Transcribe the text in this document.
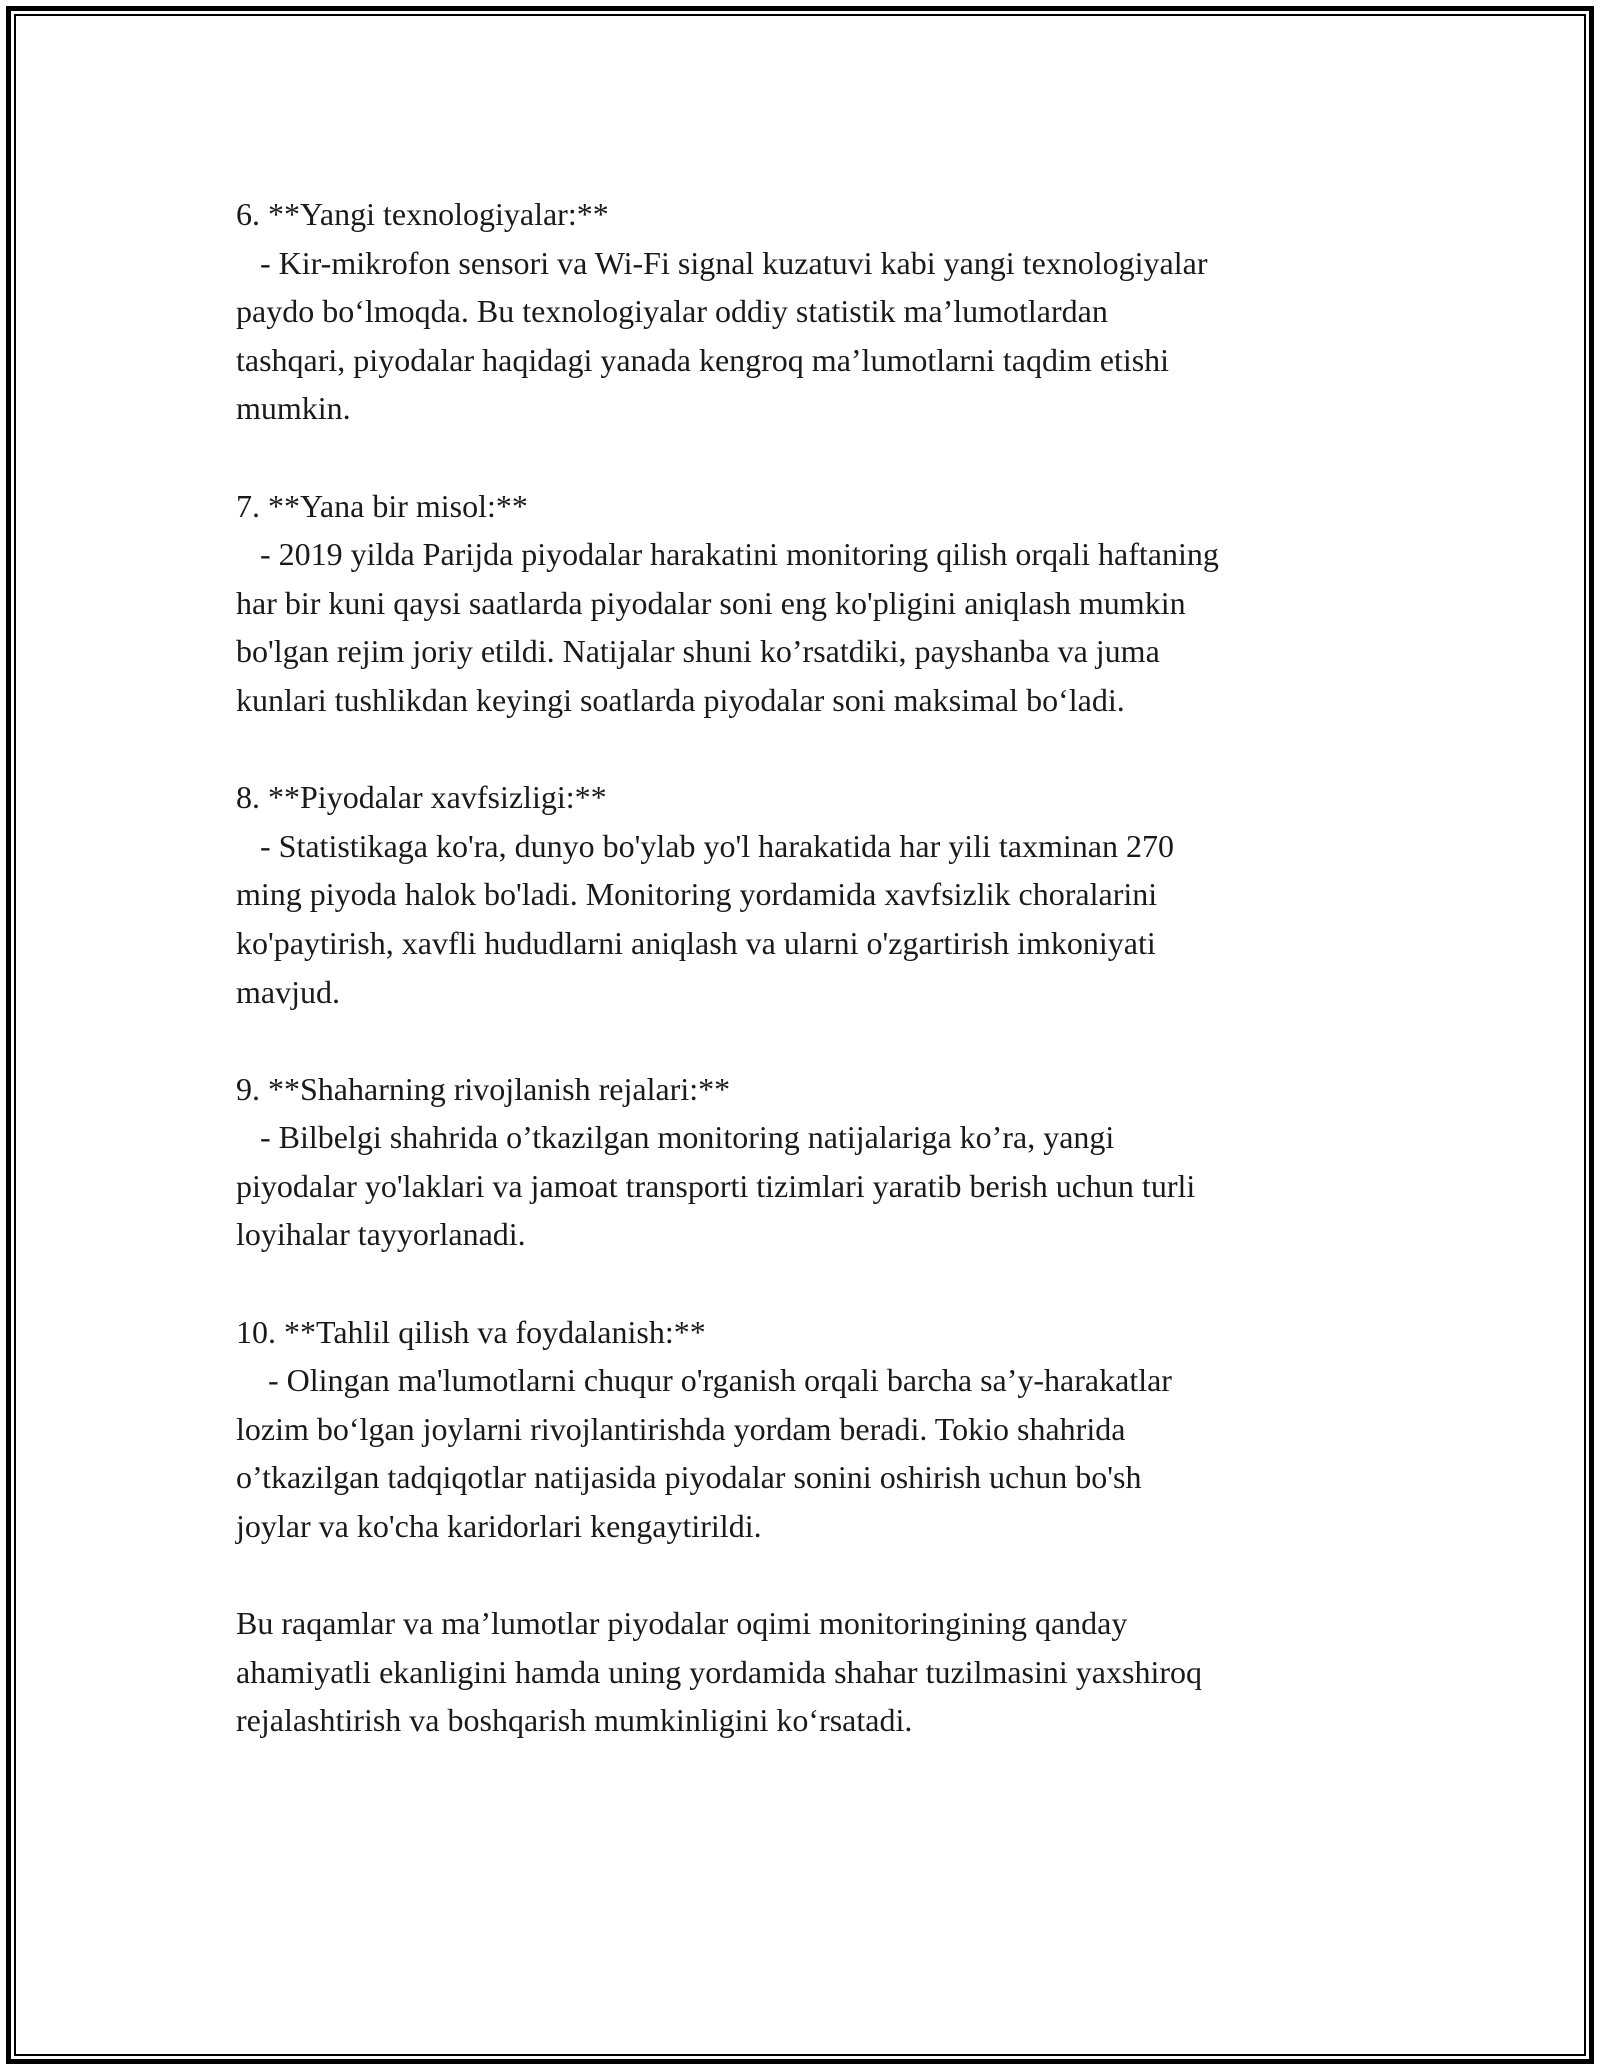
6. **Yangi texnologiyalar:**
- Kir-mikrofon sensori va Wi-Fi signal kuzatuvi kabi yangi texnologiyalar
paydo bo‘lmoqda. Bu texnologiyalar oddiy statistik ma’lumotlardan
tashqari, piyodalar haqidagi yanada kengroq ma’lumotlarni taqdim etishi
mumkin.
7. **Yana bir misol:**
- 2019 yilda Parijda piyodalar harakatini monitoring qilish orqali haftaning
har bir kuni qaysi saatlarda piyodalar soni eng ko'pligini aniqlash mumkin
bo'lgan rejim joriy etildi. Natijalar shuni ko’rsatdiki, payshanba va juma
kunlari tushlikdan keyingi soatlarda piyodalar soni maksimal bo‘ladi.
8. **Piyodalar xavfsizligi:**
- Statistikaga ko'ra, dunyo bo'ylab yo'l harakatida har yili taxminan 270
ming piyoda halok bo'ladi. Monitoring yordamida xavfsizlik choralarini
ko'paytirish, xavfli hududlarni aniqlash va ularni o'zgartirish imkoniyati
mavjud.
9. **Shaharning rivojlanish rejalari:**
- Bilbelgi shahrida o’tkazilgan monitoring natijalariga ko’ra, yangi
piyodalar yo'laklari va jamoat transporti tizimlari yaratib berish uchun turli
loyihalar tayyorlanadi.
10. **Tahlil qilish va foydalanish:**
- Olingan ma'lumotlarni chuqur o'rganish orqali barcha sa’y-harakatlar
lozim bo‘lgan joylarni rivojlantirishda yordam beradi. Tokio shahrida
o’tkazilgan tadqiqotlar natijasida piyodalar sonini oshirish uchun bo'sh
joylar va ko'cha karidorlari kengaytirildi.
Bu raqamlar va ma’lumotlar piyodalar oqimi monitoringining qanday
ahamiyatli ekanligini hamda uning yordamida shahar tuzilmasini yaxshiroq
rejalashtirish va boshqarish mumkinligini ko‘rsatadi.
